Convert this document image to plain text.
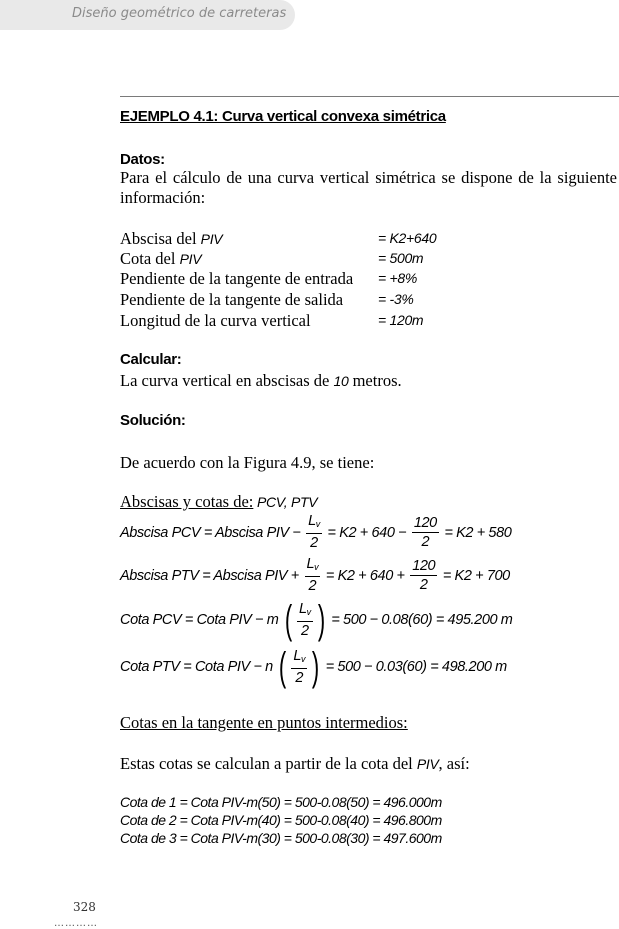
Diseño geométrico de carreteras
EJEMPLO 4.1: Curva vertical convexa simétrica
Datos:
Para el cálculo de una curva vertical simétrica se dispone de la siguiente información:
Abscisa del PIV	= K2+640
Cota del PIV	= 500m
Pendiente de la tangente de entrada = +8%
Pendiente de la tangente de salida = -3%
Longitud de la curva vertical	= 120m
Calcular:
La curva vertical en abscisas de 10 metros.
Solución:
De acuerdo con la Figura 4.9, se tiene:
Abscisas y cotas de: PCV, PTV
Abscisa PCV = Abscisa PIV − $\frac{L_v}{2} = K2 + 640 - \frac{120}{2} = K2 + 580$
Abscisa PTV = Abscisa PIV + $\frac{L_v}{2} = K2 + 640 + \frac{120}{2} = K2 + 700$
Cota PCV = Cota PIV − m ( $\frac{L_v}{2}$ ) = 500 − 0.08(60) = 495.200 m
Cota PTV = Cota PIV − n ( $\frac{L_v}{2}$ ) = 500 − 0.03(60) = 498.200 m
Cotas en la tangente en puntos intermedios:
Estas cotas se calculan a partir de la cota del PIV, así:
Cota de 1 = Cota PIV-m(50) = 500-0.08(50) = 496.000m
Cota de 2 = Cota PIV-m(40) = 500-0.08(40) = 496.800m
Cota de 3 = Cota PIV-m(30) = 500-0.08(30) = 497.600m
328
…………
